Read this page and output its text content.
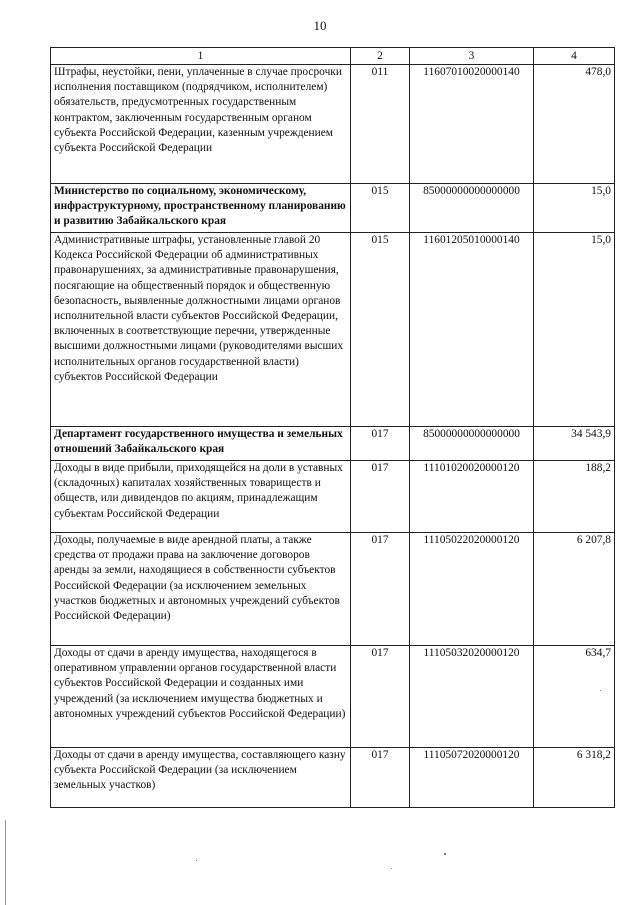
10
1	2	3	4
Штрафы, неустойки, пени, уплаченные в случае просрочки исполнения поставщиком (подрядчиком, исполнителем) обязательств, предусмотренных государственным контрактом, заключенным государственным органом субъекта Российской Федерации, казенным учреждением субъекта Российской Федерации	011	11607010020000140	478,0
Министерство по социальному, экономическому, инфраструктурному, пространственному планированию и развитию Забайкальского края	015	85000000000000000	15,0
Административные штрафы, установленные главой 20 Кодекса Российской Федерации об административных правонарушениях, за административные правонарушения, посягающие на общественный порядок и общественную безопасность, выявленные должностными лицами органов исполнительной власти субъектов Российской Федерации, включенных в соответствующие перечни, утвержденные высшими должностными лицами (руководителями высших исполнительных органов государственной власти) субъектов Российской Федерации	015	11601205010000140	15,0
Департамент государственного имущества и земельных отношений Забайкальского края	017	85000000000000000	34 543,9
Доходы в виде прибыли, приходящейся на доли в уставных (складочных) капиталах хозяйственных товариществ и обществ, или дивидендов по акциям, принадлежащим субъектам Российской Федерации	017	11101020020000120	188,2
Доходы, получаемые в виде арендной платы, а также средства от продажи права на заключение договоров аренды за земли, находящиеся в собственности субъектов Российской Федерации (за исключением земельных участков бюджетных и автономных учреждений субъектов Российской Федерации)	017	11105022020000120	6 207,8
Доходы от сдачи в аренду имущества, находящегося в оперативном управлении органов государственной власти субъектов Российской Федерации и созданных ими учреждений (за исключением имущества бюджетных и автономных учреждений субъектов Российской Федерации)	017	11105032020000120	634,7
Доходы от сдачи в аренду имущества, составляющего казну субъекта Российской Федерации (за исключением земельных участков)	017	11105072020000120	6 318,2
